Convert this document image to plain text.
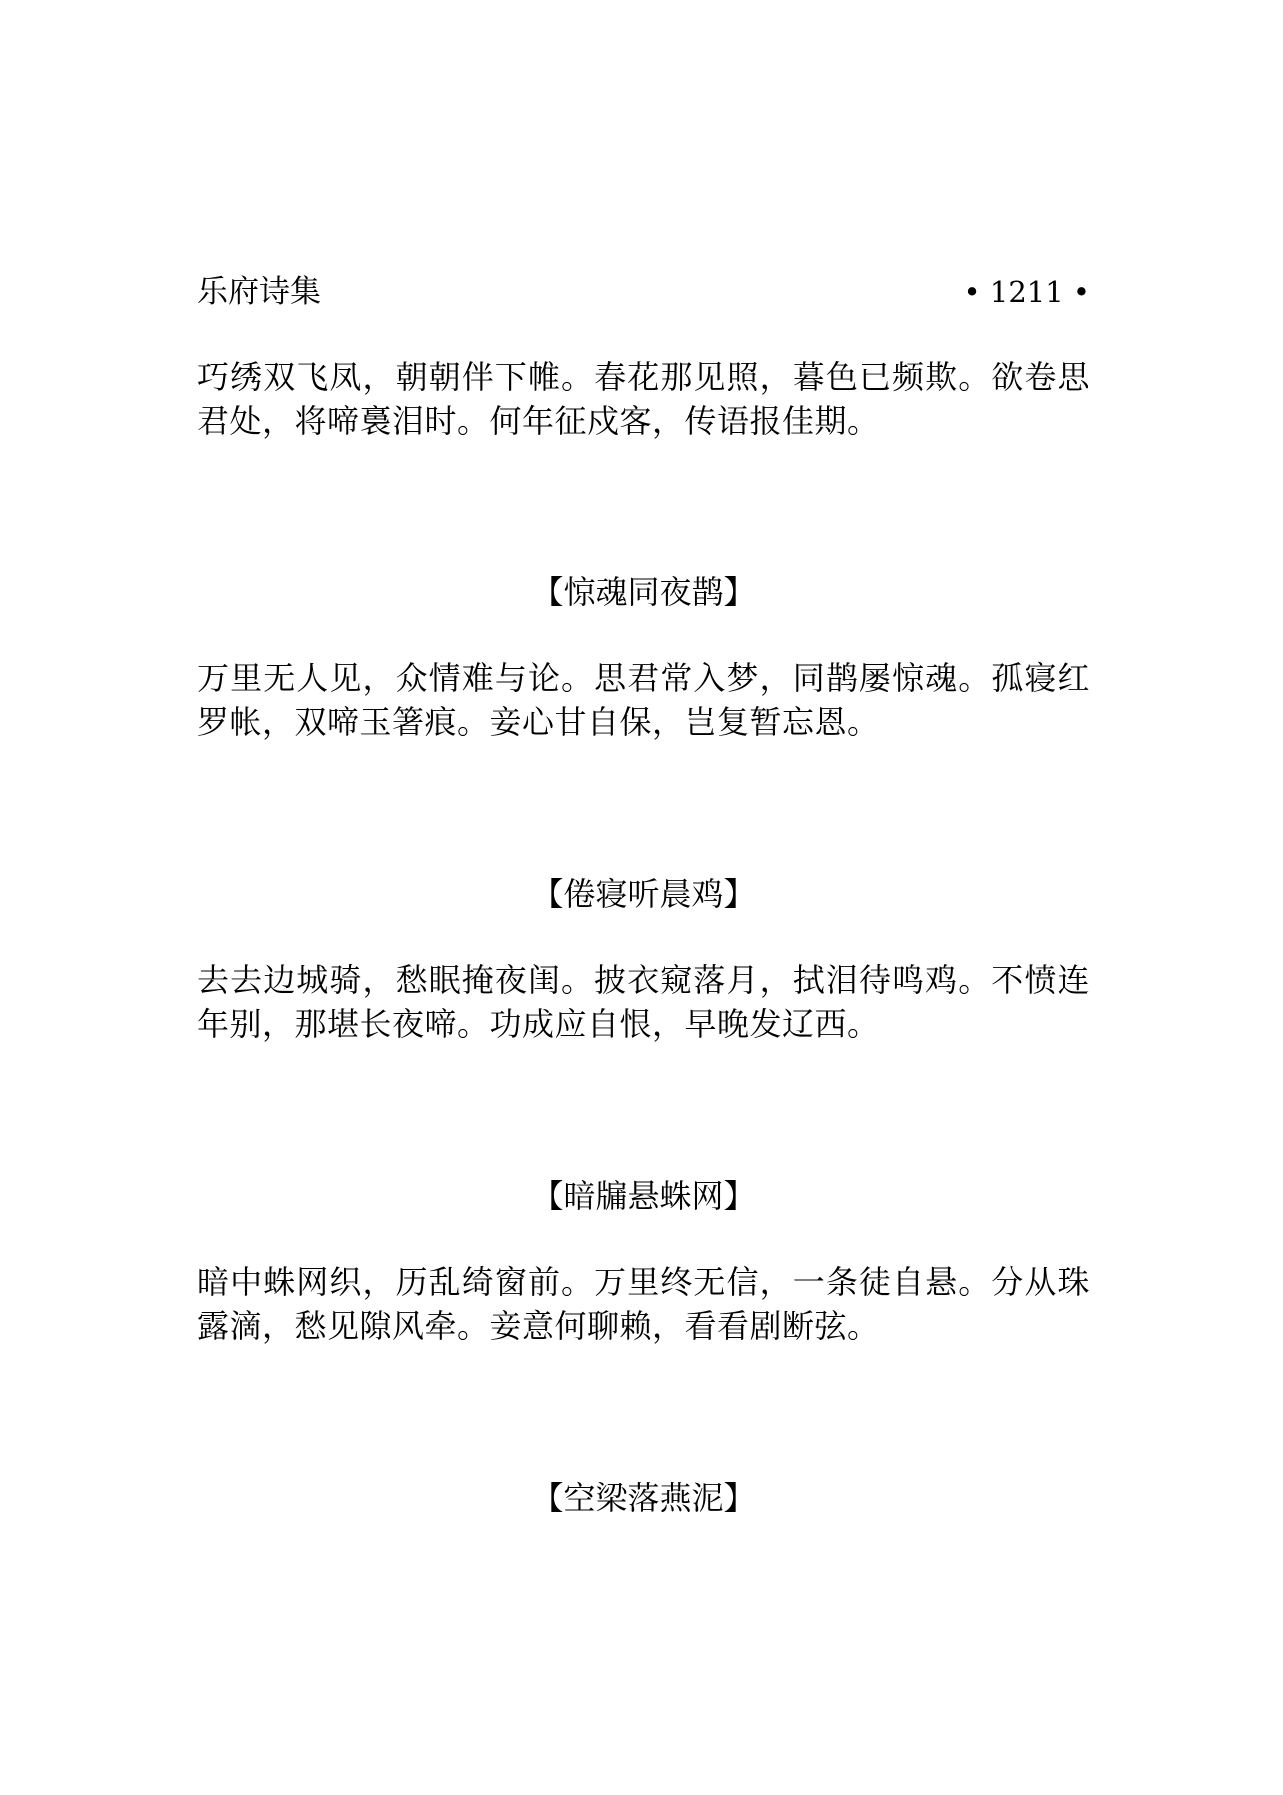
乐府诗集	• 1211 •

巧绣双飞凤，朝朝伴下帷。春花那见照，暮色已频欺。欲卷思君处，将啼裛泪时。何年征戍客，传语报佳期。

【惊魂同夜鹊】

万里无人见，众情难与论。思君常入梦，同鹊屡惊魂。孤寝红罗帐，双啼玉箸痕。妾心甘自保，岂复暂忘恩。

【倦寝听晨鸡】

去去边城骑，愁眠掩夜闺。披衣窥落月，拭泪待鸣鸡。不愤连年别，那堪长夜啼。功成应自恨，早晚发辽西。

【暗牖悬蛛网】

暗中蛛网织，历乱绮窗前。万里终无信，一条徒自悬。分从珠露滴，愁见隙风牵。妾意何聊赖，看看剧断弦。

【空梁落燕泥】
